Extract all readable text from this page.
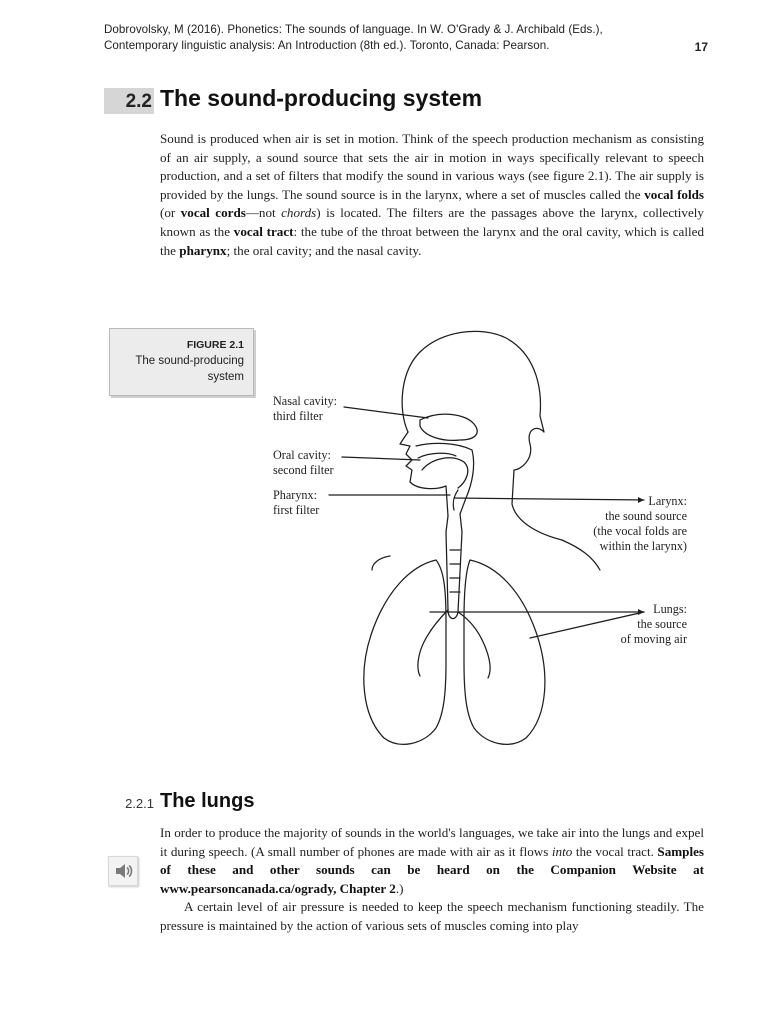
Dobrovolsky, M (2016). Phonetics: The sounds of language. In W. O'Grady & J. Archibald (Eds.),
Contemporary linguistic analysis: An Introduction (8th ed.). Toronto, Canada: Pearson.	17
2.2 The sound-producing system
Sound is produced when air is set in motion. Think of the speech production mechanism as consisting of an air supply, a sound source that sets the air in motion in ways specifically relevant to speech production, and a set of filters that modify the sound in various ways (see figure 2.1). The air supply is provided by the lungs. The sound source is in the larynx, where a set of muscles called the vocal folds (or vocal cords—not chords) is located. The filters are the passages above the larynx, collectively known as the vocal tract: the tube of the throat between the larynx and the oral cavity, which is called the pharynx; the oral cavity; and the nasal cavity.
FIGURE 2.1
The sound-producing system
Nasal cavity:
third filter
Oral cavity:
second filter
Pharynx:
first filter
Larynx:
the sound source
(the vocal folds are
within the larynx)
Lungs:
the source
of moving air
2.2.1 The lungs
In order to produce the majority of sounds in the world's languages, we take air into the lungs and expel it during speech. (A small number of phones are made with air as it flows into the vocal tract. Samples of these and other sounds can be heard on the Companion Website at www.pearsoncanada.ca/ogrady, Chapter 2.)
A certain level of air pressure is needed to keep the speech mechanism functioning steadily. The pressure is maintained by the action of various sets of muscles coming into play
